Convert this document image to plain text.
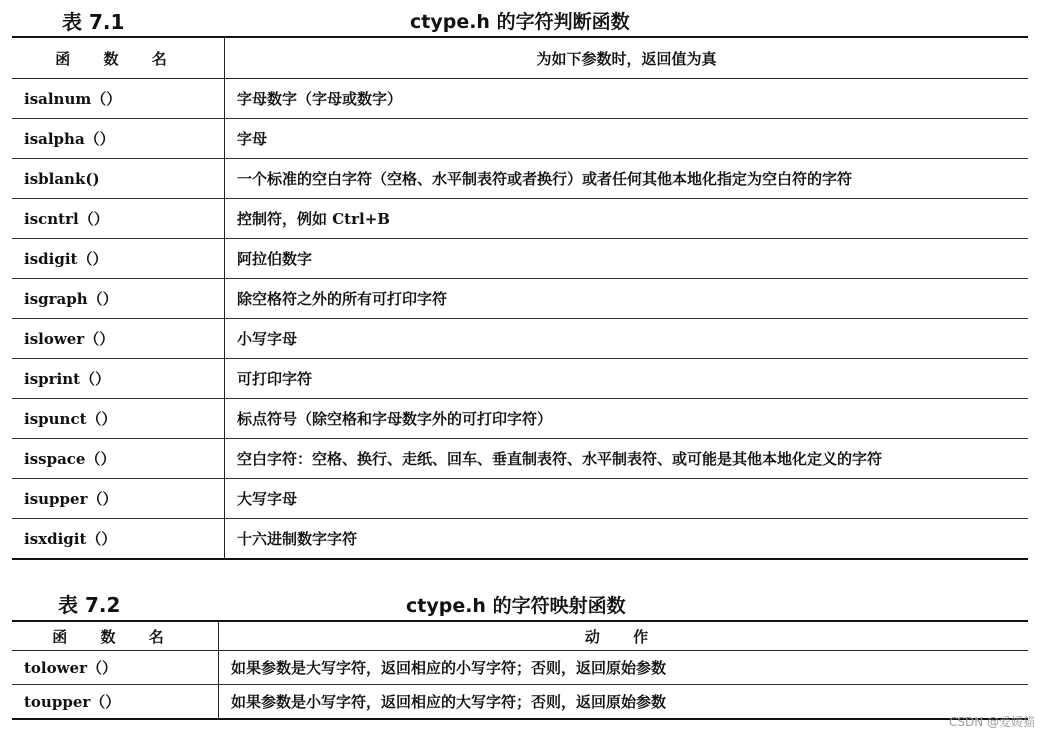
表 7.1	ctype.h 的字符判断函数
函 数 名	为如下参数时，返回值为真
isalnum（）	字母数字（字母或数字）
isalpha（）	字母
isblank()	一个标准的空白字符（空格、水平制表符或者换行）或者任何其他本地化指定为空白符的字符
iscntrl（）	控制符，例如 Ctrl+B
isdigit（）	阿拉伯数字
isgraph（）	除空格符之外的所有可打印字符
islower（）	小写字母
isprint（）	可打印字符
ispunct（）	标点符号（除空格和字母数字外的可打印字符）
isspace（）	空白字符：空格、换行、走纸、回车、垂直制表符、水平制表符、或可能是其他本地化定义的字符
isupper（）	大写字母
isxdigit（）	十六进制数字字符
表 7.2	ctype.h 的字符映射函数
函 数 名	动 作
tolower（）	如果参数是大写字符，返回相应的小写字符；否则，返回原始参数
toupper（）	如果参数是小写字符，返回相应的大写字符；否则，返回原始参数
CSDN @爱媛猫
